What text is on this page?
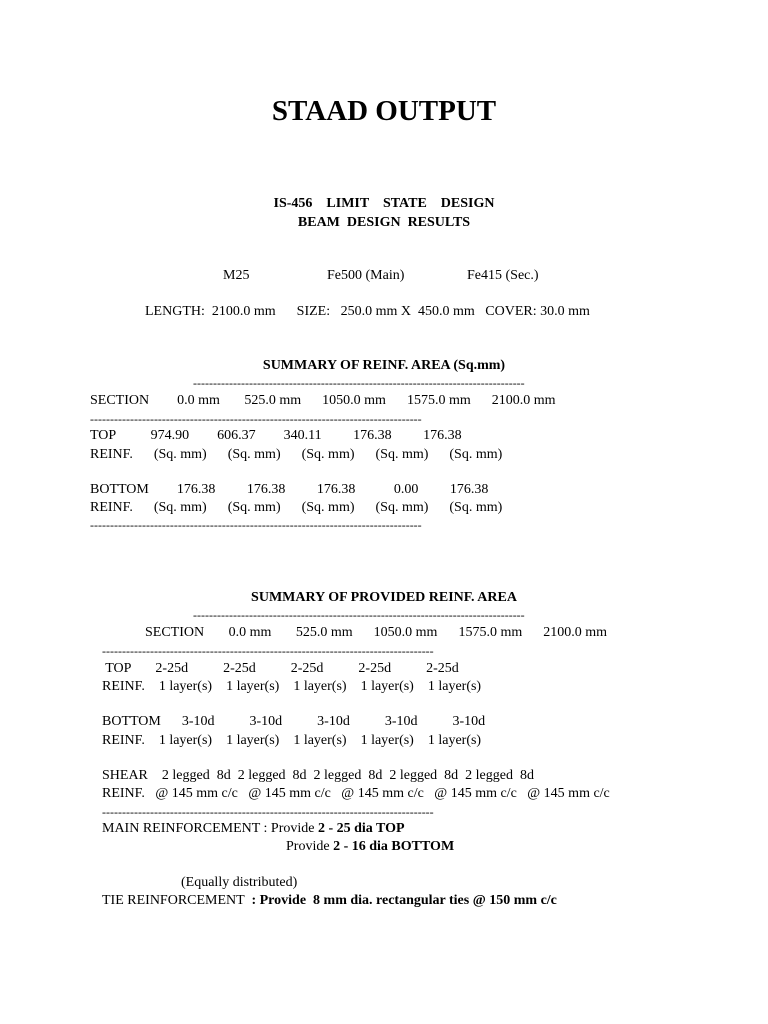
STAAD OUTPUT
IS-456    LIMIT    STATE    DESIGN
BEAM  DESIGN  RESULTS
M25	Fe500 (Main)	Fe415 (Sec.)
LENGTH:  2100.0 mm      SIZE:   250.0 mm X  450.0 mm   COVER: 30.0 mm
SUMMARY OF REINF. AREA (Sq.mm)
-----------------------------------------------------------------------------------
SECTION        0.0 mm       525.0 mm      1050.0 mm      1575.0 mm      2100.0 mm
-----------------------------------------------------------------------------------
TOP          974.90        606.37        340.11         176.38         176.38
REINF.      (Sq. mm)      (Sq. mm)      (Sq. mm)      (Sq. mm)      (Sq. mm)
BOTTOM        176.38         176.38         176.38           0.00         176.38
REINF.      (Sq. mm)      (Sq. mm)      (Sq. mm)      (Sq. mm)      (Sq. mm)
-----------------------------------------------------------------------------------
SUMMARY OF PROVIDED REINF. AREA
-----------------------------------------------------------------------------------
SECTION       0.0 mm       525.0 mm      1050.0 mm      1575.0 mm      2100.0 mm
-----------------------------------------------------------------------------------
TOP       2-25d          2-25d          2-25d          2-25d          2-25d
REINF.    1 layer(s)    1 layer(s)    1 layer(s)    1 layer(s)    1 layer(s)
BOTTOM      3-10d          3-10d          3-10d          3-10d          3-10d
REINF.    1 layer(s)    1 layer(s)    1 layer(s)    1 layer(s)    1 layer(s)
SHEAR    2 legged  8d  2 legged  8d  2 legged  8d  2 legged  8d  2 legged  8d
REINF.   @ 145 mm c/c   @ 145 mm c/c   @ 145 mm c/c   @ 145 mm c/c   @ 145 mm c/c
-----------------------------------------------------------------------------------
MAIN REINFORCEMENT : Provide 2 - 25 dia TOP
Provide 2 - 16 dia BOTTOM
(Equally distributed)
TIE REINFORCEMENT  : Provide  8 mm dia. rectangular ties @ 150 mm c/c
